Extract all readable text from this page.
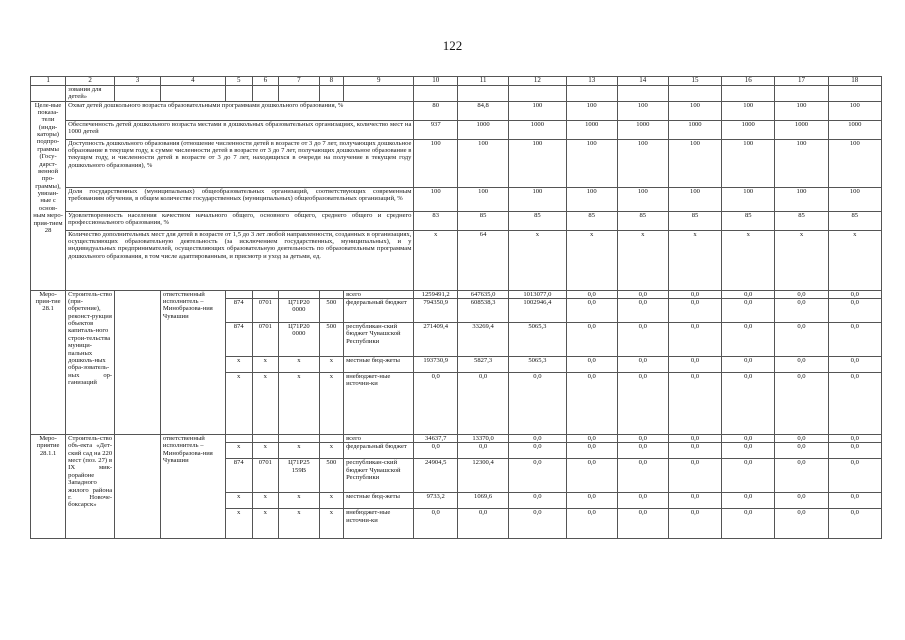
122
1	2	3	4	5	6	7	8	9	10	11	12	13	14	15	16	17	18
	зования для детей»																
Целе-вые показа-тели (инди-каторы) подпро-граммы (Госу-дарст-венной про-граммы), увязан-ные с основ-ным меро-прия-тием 28	Охват детей дошкольного возраста образовательными программами дошкольного образования, %								80	84,8	100	100	100	100	100	100	100
	Обеспеченность детей дошкольного возраста местами в дошкольных образовательных организациях, количество мест на 1000 детей								937	1000	1000	1000	1000	1000	1000	1000	1000
	Доступность дошкольного образования (отношение численности детей в возрасте от 3 до 7 лет, получающих дошкольное образование в текущем году, к сумме численности детей в возрасте от 3 до 7 лет, получающих дошкольное образование в текущем году, и численности детей в возрасте от 3 до 7 лет, находящихся в очереди на получение в текущем году дошкольного образования), %								100	100	100	100	100	100	100	100	100
	Доля государственных (муниципальных) общеобразовательных организаций, соответствующих современным требованиям обучения, в общем количестве государственных (муниципальных) общеобразовательных организаций, %								100	100	100	100	100	100	100	100	100
	Удовлетворенность населения качеством начального общего, основного общего, среднего общего и среднего профессионального образования, %								83	85	85	85	85	85	85	85	85
	Количество дополнительных мест для детей в возрасте от 1,5 до 3 лет любой направленности, созданных в организациях, осуществляющих образовательную деятельность (за исключением государственных, муниципальных), и у индивидуальных предпринимателей, осуществляющих образовательную деятельность по образовательным программам дошкольного образования, в том числе адаптированным, и присмотр и уход за детьми, ед.								x	64	x	x	x	x	x	x	x
Меро-прия-тие 28.1	Строитель-ство (при-обретение), реконст-рукция объектов капиталь-ного строи-тельства муници-пальных дошколь-ных обра-зователь-ных ор-ганизаций		ответственный исполнитель – Минобразова-ния Чувашии					всего	1259491,2	647635,0	1013077,0	0,0	0,0	0,0	0,0	0,0	0,0
				874	0701	Ц71Р20 0000	500	федеральный бюджет	794350,9	608538,3	1002946,4	0,0	0,0	0,0	0,0	0,0	0,0
				874	0701	Ц71Р20 0000	500	республикан-ский бюджет Чувашской Республики	271409,4	33269,4	5065,3	0,0	0,0	0,0	0,0	0,0	0,0
				x	x	x	x	местные бюд-жеты	193730,9	5827,3	5065,3	0,0	0,0	0,0	0,0	0,0	0,0
				x	x	x	x	внебюджет-ные источни-ки	0,0	0,0	0,0	0,0	0,0	0,0	0,0	0,0	0,0
Меро-приятие 28.1.1	Строитель-ство объ-екта «Дет-ский сад на 220 мест (поз. 27) в IX мик-рорайоне Западного жилого района г. Новоче-боксарск»		ответственный исполнитель – Минобразова-ния Чувашии					всего	34637,7	13370,0	0,0	0,0	0,0	0,0	0,0	0,0	0,0
				x	x	x	x	федеральный бюджет	0,0	0,0	0,0	0,0	0,0	0,0	0,0	0,0	0,0
				874	0701	Ц71Р25 159В	500	республикан-ский бюджет Чувашской Республики	24904,5	12300,4	0,0	0,0	0,0	0,0	0,0	0,0	0,0
				x	x	x	x	местные бюд-жеты	9733,2	1069,6	0,0	0,0	0,0	0,0	0,0	0,0	0,0
				x	x	x	x	внебюджет-ные источни-ки	0,0	0,0	0,0	0,0	0,0	0,0	0,0	0,0	0,0
